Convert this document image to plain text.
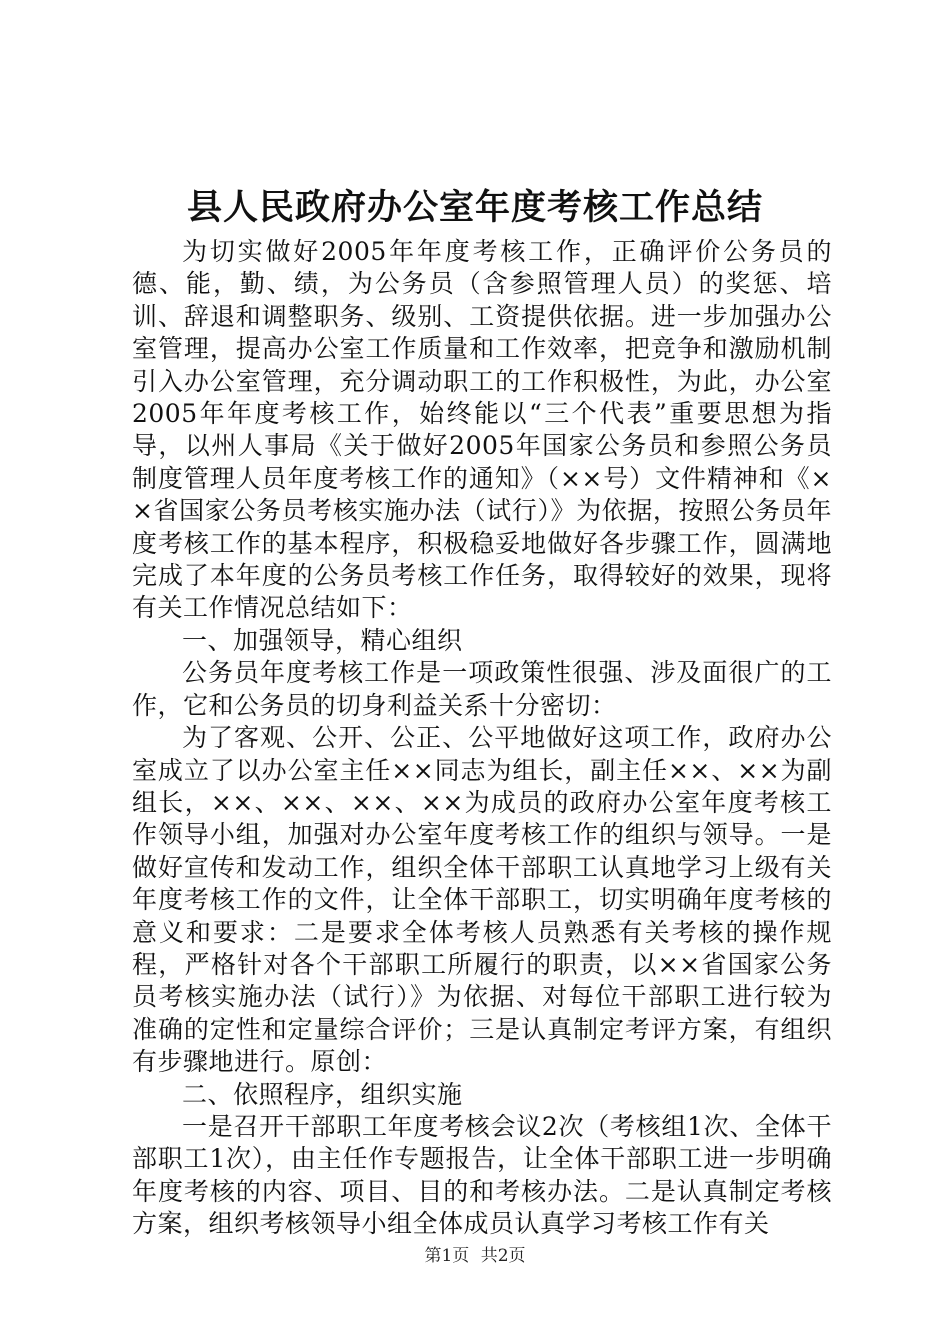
县人民政府办公室年度考核工作总结

为切实做好2005年年度考核工作，正确评价公务员的德、能，勤、绩，为公务员（含参照管理人员）的奖惩、培训、辞退和调整职务、级别、工资提供依据。进一步加强办公室管理，提高办公室工作质量和工作效率，把竞争和激励机制引入办公室管理，充分调动职工的工作积极性，为此，办公室2005年年度考核工作，始终能以“三个代表”重要思想为指导，以州人事局《关于做好2005年国家公务员和参照公务员制度管理人员年度考核工作的通知》（××号）文件精神和《××省国家公务员考核实施办法（试行）》为依据，按照公务员年度考核工作的基本程序，积极稳妥地做好各步骤工作，圆满地完成了本年度的公务员考核工作任务，取得较好的效果，现将有关工作情况总结如下：

一、加强领导，精心组织

公务员年度考核工作是一项政策性很强、涉及面很广的工作，它和公务员的切身利益关系十分密切：

为了客观、公开、公正、公平地做好这项工作，政府办公室成立了以办公室主任××同志为组长，副主任××、××为副组长，××、××、××、××为成员的政府办公室年度考核工作领导小组，加强对办公室年度考核工作的组织与领导。一是做好宣传和发动工作，组织全体干部职工认真地学习上级有关年度考核工作的文件，让全体干部职工，切实明确年度考核的意义和要求：二是要求全体考核人员熟悉有关考核的操作规程，严格针对各个干部职工所履行的职责，以××省国家公务员考核实施办法（试行）》为依据、对每位干部职工进行较为准确的定性和定量综合评价；三是认真制定考评方案，有组织有步骤地进行。原创：

二、依照程序，组织实施

一是召开干部职工年度考核会议2次（考核组1次、全体干部职工1次），由主任作专题报告，让全体干部职工进一步明确年度考核的内容、项目、目的和考核办法。二是认真制定考核方案，组织考核领导小组全体成员认真学习考核工作有关

第1页 共2页
